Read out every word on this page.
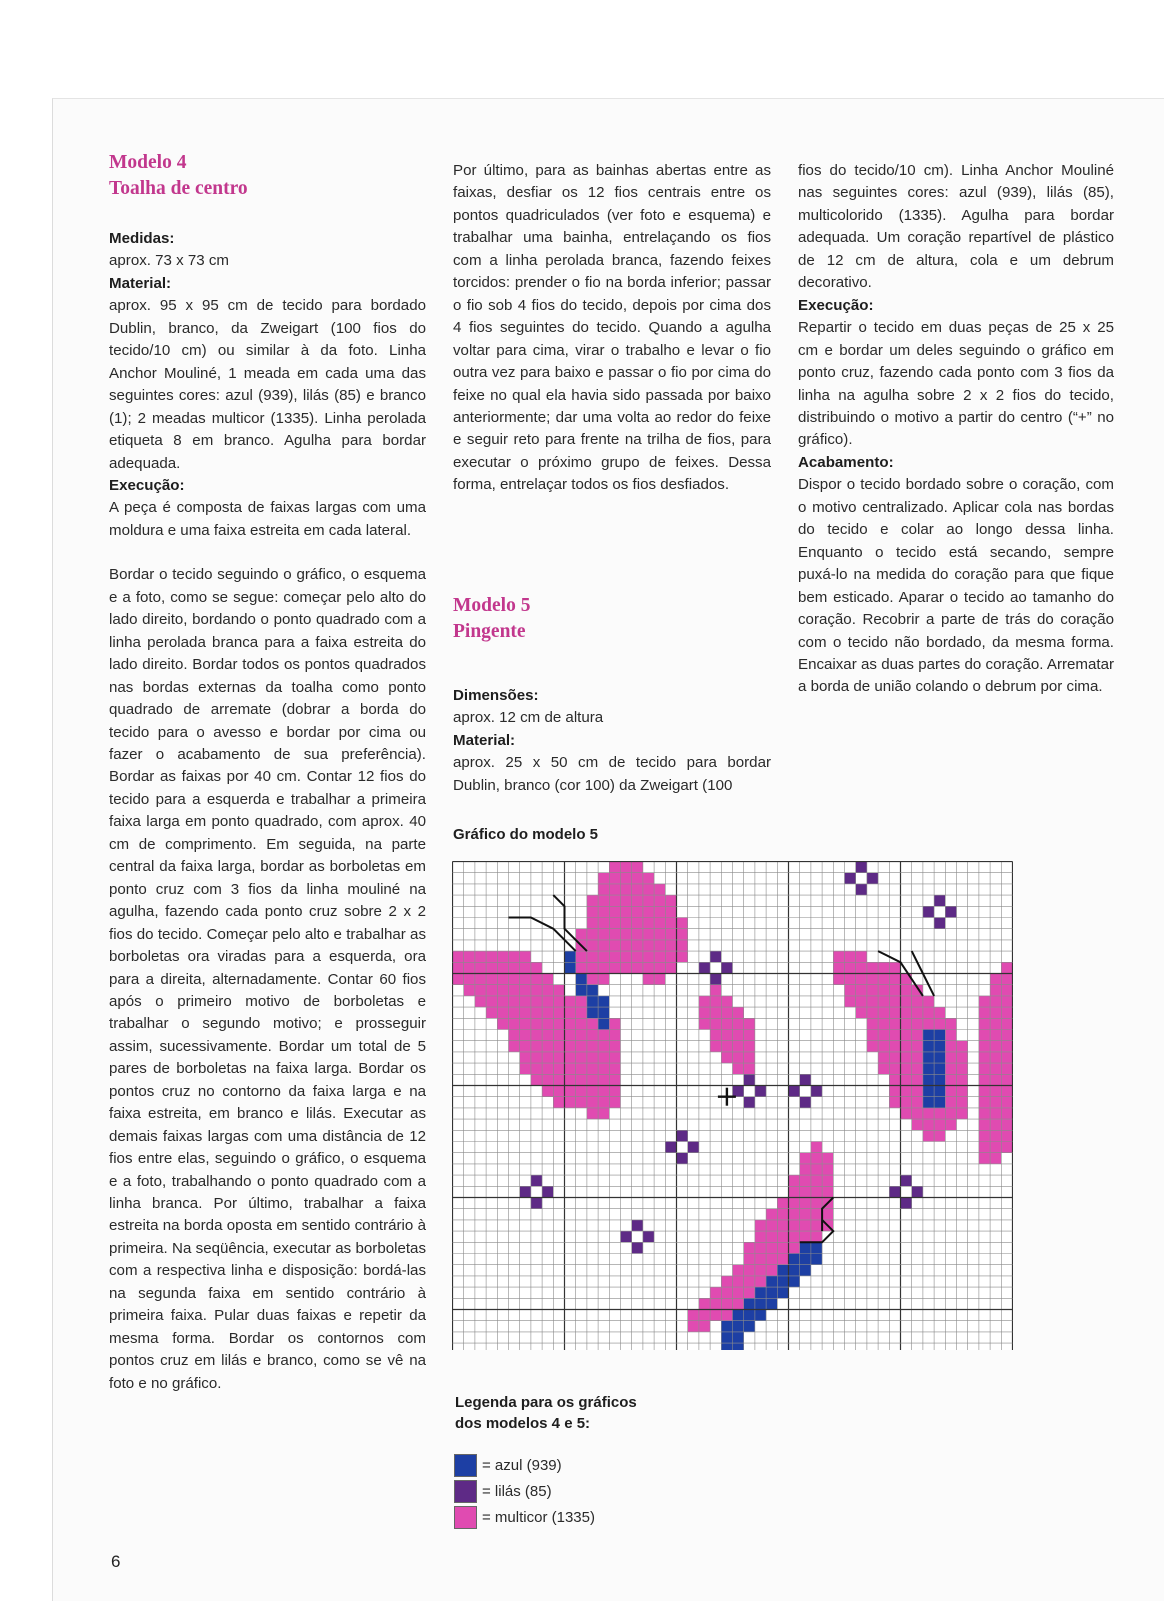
Modelo 4
Toalha de centro

Medidas:

aprox. 73 x 73 cm

Material:

aprox. 95 x 95 cm de tecido para bordado Dublin, branco, da Zweigart (100 fios do tecido/10 cm) ou similar à da foto. Linha Anchor Mouliné, 1 meada em cada uma das seguintes cores: azul (939), lilás (85) e branco (1); 2 meadas multicor (1335). Linha perolada etiqueta 8 em branco. Agulha para bordar adequada.

Execução:

A peça é composta de faixas largas com uma moldura e uma faixa estreita em cada lateral.

Bordar o tecido seguindo o gráfico, o esquema e a foto, como se segue: começar pelo alto do lado direito, bordando o ponto quadrado com a linha perolada branca para a faixa estreita do lado direito. Bordar todos os pontos quadrados nas bordas externas da toalha como ponto quadrado de arremate (dobrar a borda do tecido para o avesso e bordar por cima ou fazer o acabamento de sua preferência). Bordar as faixas por 40 cm. Contar 12 fios do tecido para a esquerda e trabalhar a primeira faixa larga em ponto quadrado, com aprox. 40 cm de comprimento. Em seguida, na parte central da faixa larga, bordar as borboletas em ponto cruz com 3 fios da linha mouliné na agulha, fazendo cada ponto cruz sobre 2 x 2 fios do tecido. Começar pelo alto e trabalhar as borboletas ora viradas para a esquerda, ora para a direita, alternadamente. Contar 60 fios após o primeiro motivo de borboletas e trabalhar o segundo motivo; e prosseguir assim, sucessivamente. Bordar um total de 5 pares de borboletas na faixa larga. Bordar os pontos cruz no contorno da faixa larga e na faixa estreita, em branco e lilás. Executar as demais faixas largas com uma distância de 12 fios entre elas, seguindo o gráfico, o esquema e a foto, trabalhando o ponto quadrado com a linha branca. Por último, trabalhar a faixa estreita na borda oposta em sentido contrário à primeira. Na seqüência, executar as borboletas com a respectiva linha e disposição: bordá-las na segunda faixa em sentido contrário à primeira faixa. Pular duas faixas e repetir da mesma forma. Bordar os contornos com pontos cruz em lilás e branco, como se vê na foto e no gráfico.

Por último, para as bainhas abertas entre as faixas, desfiar os 12 fios centrais entre os pontos quadriculados (ver foto e esquema) e trabalhar uma bainha, entrelaçando os fios com a linha perolada branca, fazendo feixes torcidos: prender o fio na borda inferior; passar o fio sob 4 fios do tecido, depois por cima dos 4 fios seguintes do tecido. Quando a agulha voltar para cima, virar o trabalho e levar o fio outra vez para baixo e passar o fio por cima do feixe no qual ela havia sido passada por baixo anteriormente; dar uma volta ao redor do feixe e seguir reto para frente na trilha de fios, para executar o próximo grupo de feixes. Dessa forma, entrelaçar todos os fios desfiados.

Modelo 5
Pingente

Dimensões:

aprox. 12 cm de altura

Material:

aprox. 25 x 50 cm de tecido para bordar Dublin, branco (cor 100) da Zweigart (100

fios do tecido/10 cm). Linha Anchor Mouliné nas seguintes cores: azul (939), lilás (85), multicolorido (1335). Agulha para bordar adequada. Um coração repartível de plástico de 12 cm de altura, cola e um debrum decorativo.

Execução:

Repartir o tecido em duas peças de 25 x 25 cm e bordar um deles seguindo o gráfico em ponto cruz, fazendo cada ponto com 3 fios da linha na agulha sobre 2 x 2 fios do tecido, distribuindo o motivo a partir do centro (“+” no gráfico).

Acabamento:

Dispor o tecido bordado sobre o coração, com o motivo centralizado. Aplicar cola nas bordas do tecido e colar ao longo dessa linha. Enquanto o tecido está secando, sempre puxá-lo na medida do coração para que fique bem esticado. Aparar o tecido ao tamanho do coração. Recobrir a parte de trás do coração com o tecido não bordado, da mesma forma. Encaixar as duas partes do coração. Arrematar a borda de união colando o debrum por cima.

Gráfico do modelo 5
Legenda para os gráficos
dos modelos 4 e 5:
= azul (939)
= lilás (85)
= multicor (1335)
6
